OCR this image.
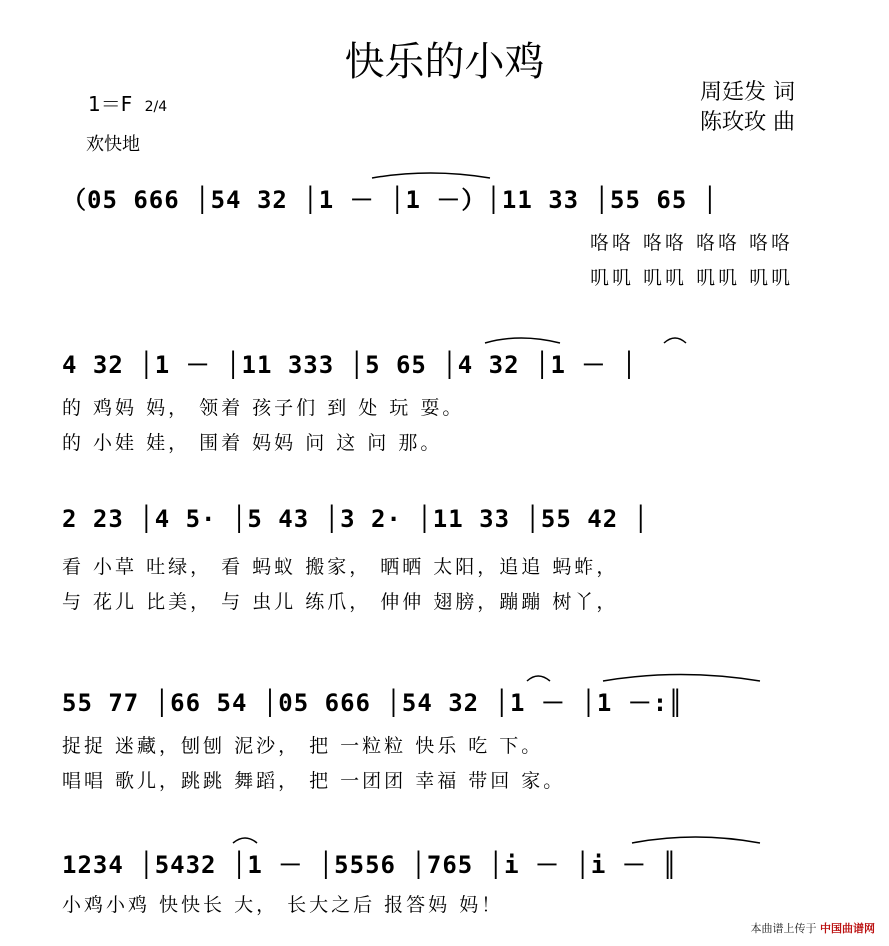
快乐的小鸡
1＝F 2/4
欢快地
周廷发 词
陈玫玫 曲
（05 666 │54 32 │1 － │1 －）│11 33 │55 65 │
咯咯 咯咯 咯咯 咯咯
叽叽 叽叽 叽叽 叽叽
4 32 │1 － │11 333 │5 65 │4 32 │1 － │
的 鸡妈 妈， 领着 孩子们 到 处 玩 耍。
的 小娃 娃， 围着 妈妈 问 这 问 那。
2 23 │4 5· │5 43 │3 2· │11 33 │55 42 │
看 小草 吐绿， 看 蚂蚁 搬家， 晒晒 太阳，追追 蚂蚱，
与 花儿 比美， 与 虫儿 练爪， 伸伸 翅膀，蹦蹦 树丫，
55 77 │66 54 │05 666 │54 32 │1 － │1 －:║
捉捉 迷藏，刨刨 泥沙， 把 一粒粒 快乐 吃 下。
唱唱 歌儿，跳跳 舞蹈， 把 一团团 幸福 带回 家。
1234 │5432 │1 － │5556 │765 │i － │i － ║
小鸡小鸡 快快长 大， 长大之后 报答妈 妈！
本曲谱上传于 中国曲谱网
